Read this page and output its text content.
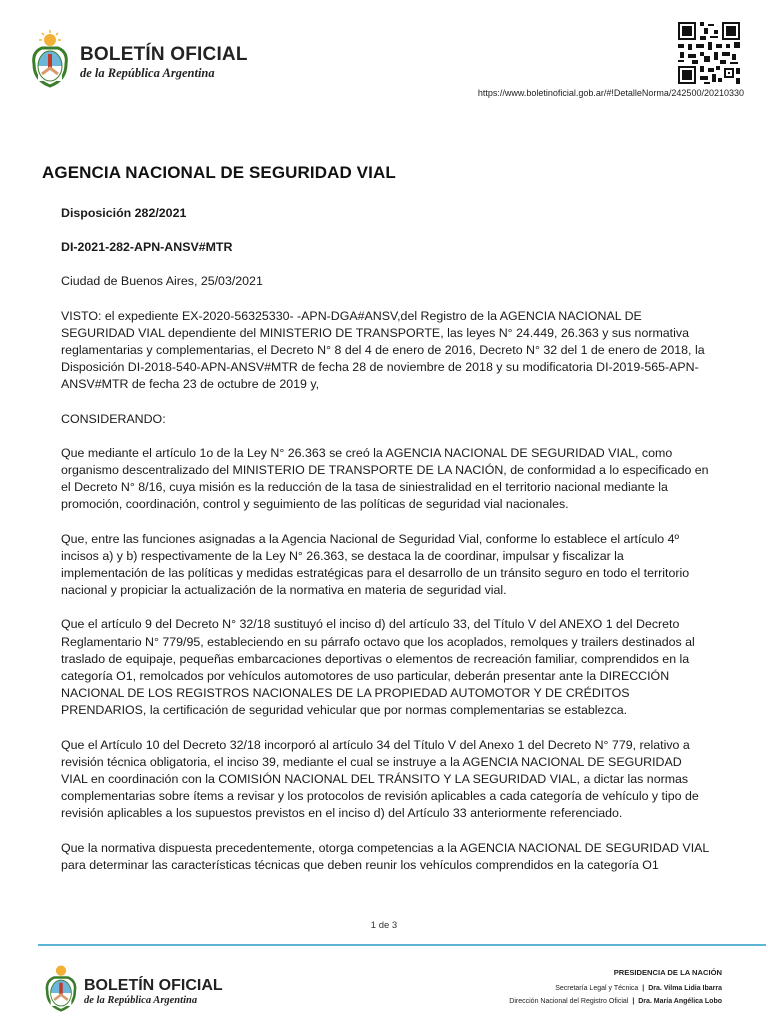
BOLETÍN OFICIAL
de la República Argentina
https://www.boletinoficial.gob.ar/#!DetalleNorma/242500/20210330
AGENCIA NACIONAL DE SEGURIDAD VIAL

Disposición 282/2021

DI-2021-282-APN-ANSV#MTR

Ciudad de Buenos Aires, 25/03/2021

VISTO: el expediente EX-2020-56325330- -APN-DGA#ANSV,del Registro de la AGENCIA NACIONAL DE SEGURIDAD VIAL dependiente del MINISTERIO DE TRANSPORTE, las leyes N° 24.449, 26.363 y sus normativa reglamentarias y complementarias, el Decreto N° 8 del 4 de enero de 2016, Decreto N° 32 del 1 de enero de 2018, la Disposición DI-2018-540-APN-ANSV#MTR de fecha 28 de noviembre de 2018 y su modificatoria DI-2019-565-APN-ANSV#MTR de fecha 23 de octubre de 2019 y,

CONSIDERANDO:

Que mediante el artículo 1o de la Ley N° 26.363 se creó la AGENCIA NACIONAL DE SEGURIDAD VIAL, como organismo descentralizado del MINISTERIO DE TRANSPORTE DE LA NACIÓN, de conformidad a lo especificado en el Decreto N° 8/16, cuya misión es la reducción de la tasa de siniestralidad en el territorio nacional mediante la promoción, coordinación, control y seguimiento de las políticas de seguridad vial nacionales.

Que, entre las funciones asignadas a la Agencia Nacional de Seguridad Vial, conforme lo establece el artículo 4º incisos a) y b) respectivamente de la Ley N° 26.363, se destaca la de coordinar, impulsar y fiscalizar la implementación de las políticas y medidas estratégicas para el desarrollo de un tránsito seguro en todo el territorio nacional y propiciar la actualización de la normativa en materia de seguridad vial.

Que el artículo 9 del Decreto N° 32/18 sustituyó el inciso d) del artículo 33, del Título V del ANEXO 1 del Decreto Reglamentario N° 779/95, estableciendo en su párrafo octavo que los acoplados, remolques y trailers destinados al traslado de equipaje, pequeñas embarcaciones deportivas o elementos de recreación familiar, comprendidos en la categoría O1, remolcados por vehículos automotores de uso particular, deberán presentar ante la DIRECCIÓN NACIONAL DE LOS REGISTROS NACIONALES DE LA PROPIEDAD AUTOMOTOR Y DE CRÉDITOS PRENDARIOS, la certificación de seguridad vehicular que por normas complementarias se establezca.

Que el Artículo 10 del Decreto 32/18 incorporó al artículo 34 del Título V del Anexo 1 del Decreto N° 779, relativo a revisión técnica obligatoria, el inciso 39, mediante el cual se instruye a la AGENCIA NACIONAL DE SEGURIDAD VIAL en coordinación con la COMISIÓN NACIONAL DEL TRÁNSITO Y LA SEGURIDAD VIAL, a dictar las normas complementarias sobre ítems a revisar y los protocolos de revisión aplicables a cada categoría de vehículo y tipo de revisión aplicables a los supuestos previstos en el inciso d) del Artículo 33 anteriormente referenciado.

Que la normativa dispuesta precedentemente, otorga competencias a la AGENCIA NACIONAL DE SEGURIDAD VIAL para determinar las características técnicas que deben reunir los vehículos comprendidos en la categoría O1

1 de 3
BOLETÍN OFICIAL
de la República Argentina
PRESIDENCIA DE LA NACIÓN
Secretaría Legal y Técnica | Dra. Vilma Lidia Ibarra
Dirección Nacional del Registro Oficial | Dra. María Angélica Lobo
